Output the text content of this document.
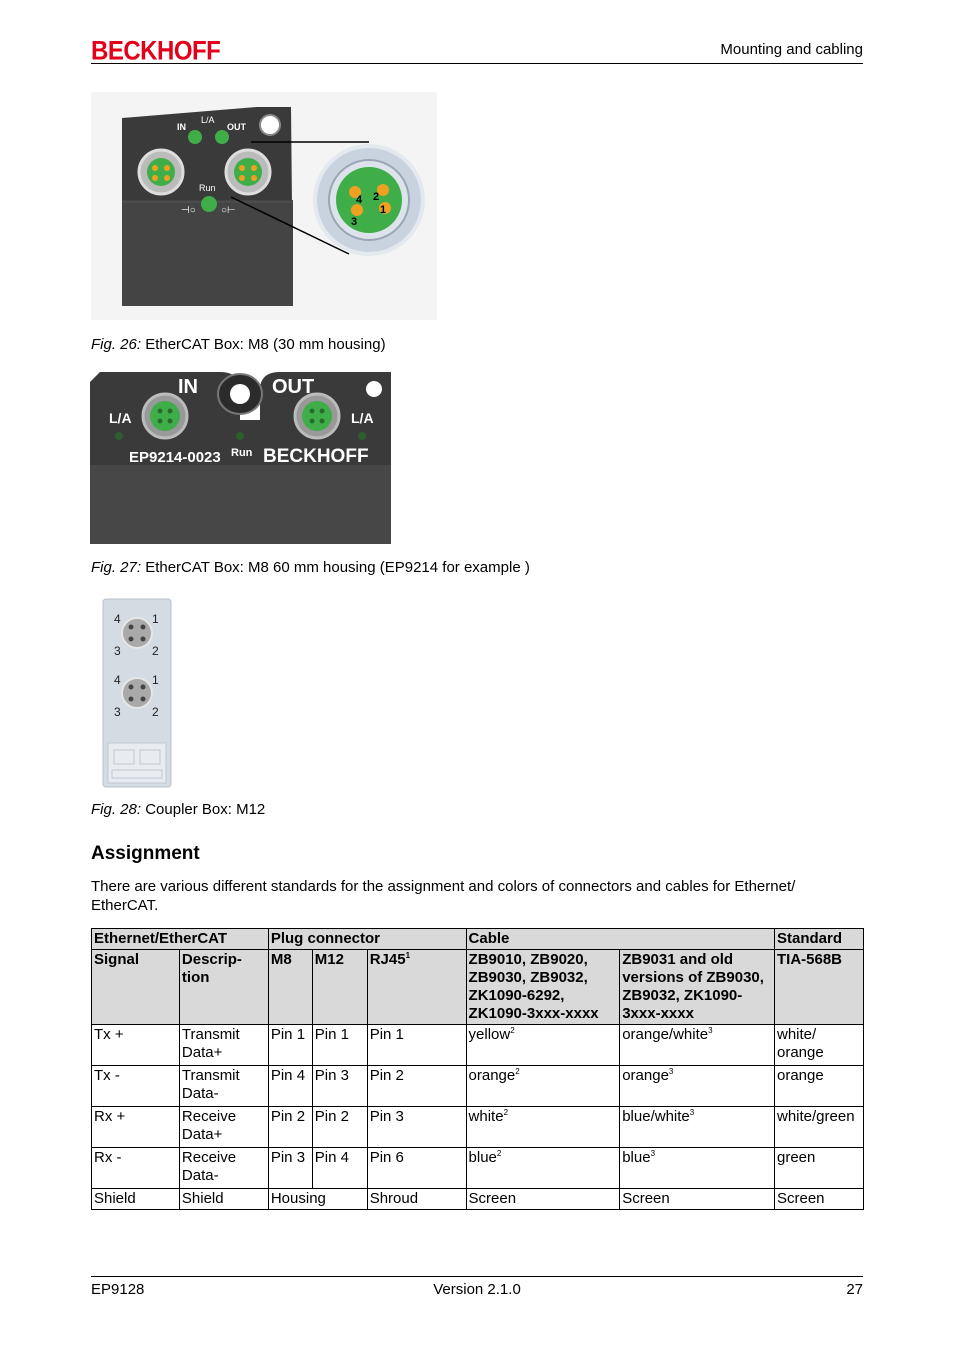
BECKHOFF	Mounting and cabling
L/A
IN	OUT
Run
⊣○	○⊢
4 2
3
1
Fig. 26: EtherCAT Box: M8 (30 mm housing)
IN	OUT
L/A	L/A
EP9214-0023 Run BECKHOFF
Fig. 27: EtherCAT Box: M8 60 mm housing (EP9214 for example )
4	1
3	2
4	1
3	2
Fig. 28: Coupler Box: M12
Assignment
There are various different standards for the assignment and colors of connectors and cables for Ethernet/ EtherCAT.
Ethernet/EtherCAT		Plug connector			Cable		Standard
Signal	Descrip- tion	M8	M12	$RJ45^1$	ZB9010, ZB9020, ZB9030, ZB9032, ZK1090-6292, ZK1090-3xxx-xxxx	ZB9031 and old versions of ZB9030, ZB9032, ZK1090-3xxx-xxxx	TIA-568B
Tx +	Transmit Data+	Pin 1	Pin 1	Pin 1	yellow$^2$	orange/white$^3$	white/ orange
Tx -	Transmit Data-	Pin 4	Pin 3	Pin 2	orange$^2$	orange$^3$	orange
Rx +	Receive Data+	Pin 2	Pin 2	Pin 3	white$^2$	blue/white$^3$	white/green
Rx -	Receive Data-	Pin 3	Pin 4	Pin 6	blue$^2$	blue$^3$	green
Shield	Shield	Housing		Shroud	Screen	Screen	Screen
EP9128	Version 2.1.0	27
